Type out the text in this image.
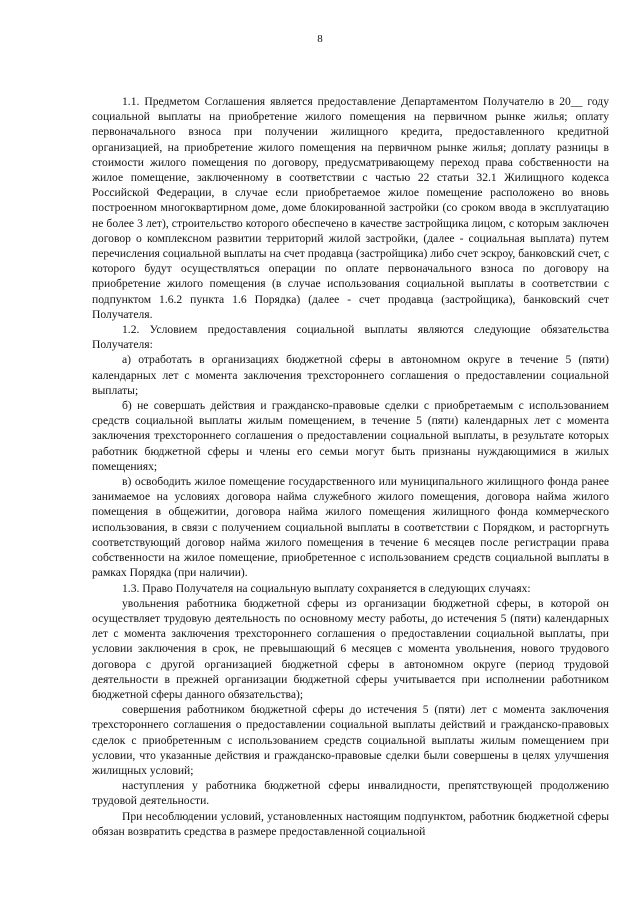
8

1.1. Предметом Соглашения является предоставление Департаментом Получателю в 20__ году социальной выплаты на приобретение жилого помещения на первичном рынке жилья; оплату первоначального взноса при получении жилищного кредита, предоставленного кредитной организацией, на приобретение жилого помещения на первичном рынке жилья; доплату разницы в стоимости жилого помещения по договору, предусматривающему переход права собственности на жилое помещение, заключенному в соответствии с частью 22 статьи 32.1 Жилищного кодекса Российской Федерации, в случае если приобретаемое жилое помещение расположено во вновь построенном многоквартирном доме, доме блокированной застройки (со сроком ввода в эксплуатацию не более 3 лет), строительство которого обеспечено в качестве застройщика лицом, с которым заключен договор о комплексном развитии территорий жилой застройки, (далее - социальная выплата) путем перечисления социальной выплаты на счет продавца (застройщика) либо счет эскроу, банковский счет, с которого будут осуществляться операции по оплате первоначального взноса по договору на приобретение жилого помещения (в случае использования социальной выплаты в соответствии с подпунктом 1.6.2 пункта 1.6 Порядка) (далее - счет продавца (застройщика), банковский счет Получателя.

1.2. Условием предоставления социальной выплаты являются следующие обязательства Получателя:

а) отработать в организациях бюджетной сферы в автономном округе в течение 5 (пяти) календарных лет с момента заключения трехстороннего соглашения о предоставлении социальной выплаты;

б) не совершать действия и гражданско-правовые сделки с приобретаемым с использованием средств социальной выплаты жилым помещением, в течение 5 (пяти) календарных лет с момента заключения трехстороннего соглашения о предоставлении социальной выплаты, в результате которых работник бюджетной сферы и члены его семьи могут быть признаны нуждающимися в жилых помещениях;

в) освободить жилое помещение государственного или муниципального жилищного фонда ранее занимаемое на условиях договора найма служебного жилого помещения, договора найма жилого помещения в общежитии, договора найма жилого помещения жилищного фонда коммерческого использования, в связи с получением социальной выплаты в соответствии с Порядком, и расторгнуть соответствующий договор найма жилого помещения в течение 6 месяцев после регистрации права собственности на жилое помещение, приобретенное с использованием средств социальной выплаты в рамках Порядка (при наличии).

1.3. Право Получателя на социальную выплату сохраняется в следующих случаях:

увольнения работника бюджетной сферы из организации бюджетной сферы, в которой он осуществляет трудовую деятельность по основному месту работы, до истечения 5 (пяти) календарных лет с момента заключения трехстороннего соглашения о предоставлении социальной выплаты, при условии заключения в срок, не превышающий 6 месяцев с момента увольнения, нового трудового договора с другой организацией бюджетной сферы в автономном округе (период трудовой деятельности в прежней организации бюджетной сферы учитывается при исполнении работником бюджетной сферы данного обязательства);

совершения работником бюджетной сферы до истечения 5 (пяти) лет с момента заключения трехстороннего соглашения о предоставлении социальной выплаты действий и гражданско-правовых сделок с приобретенным с использованием средств социальной выплаты жилым помещением при условии, что указанные действия и гражданско-правовые сделки были совершены в целях улучшения жилищных условий;

наступления у работника бюджетной сферы инвалидности, препятствующей продолжению трудовой деятельности.

При несоблюдении условий, установленных настоящим подпунктом, работник бюджетной сферы обязан возвратить средства в размере предоставленной социальной
